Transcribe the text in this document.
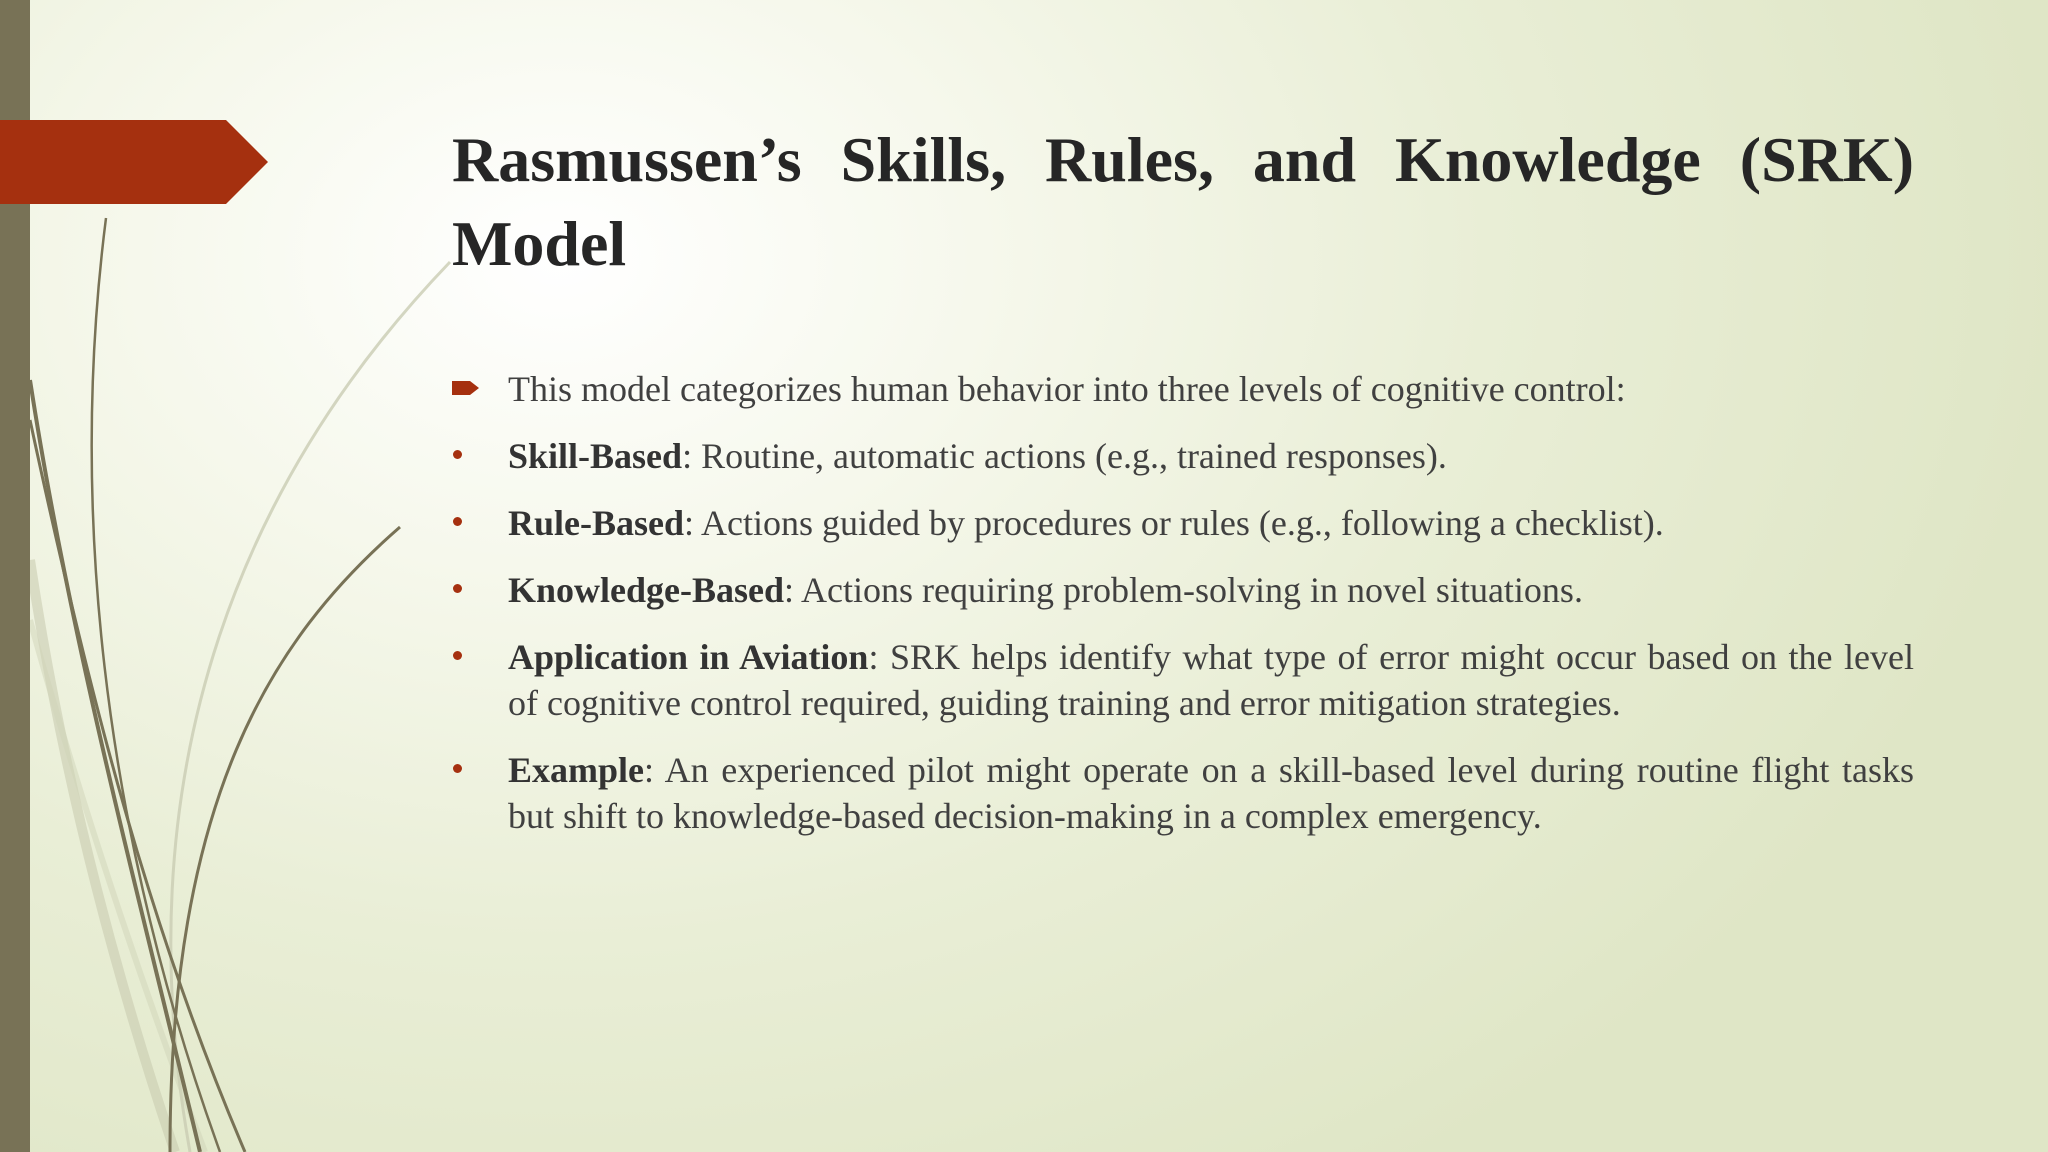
Rasmussen’s Skills, Rules, and Knowledge (SRK) Model
This model categorizes human behavior into three levels of cognitive control:
Skill-Based: Routine, automatic actions (e.g., trained responses).
Rule-Based: Actions guided by procedures or rules (e.g., following a checklist).
Knowledge-Based: Actions requiring problem-solving in novel situations.
Application in Aviation: SRK helps identify what type of error might occur based on the level of cognitive control required, guiding training and error mitigation strategies.
Example: An experienced pilot might operate on a skill-based level during routine flight tasks but shift to knowledge-based decision-making in a complex emergency.
